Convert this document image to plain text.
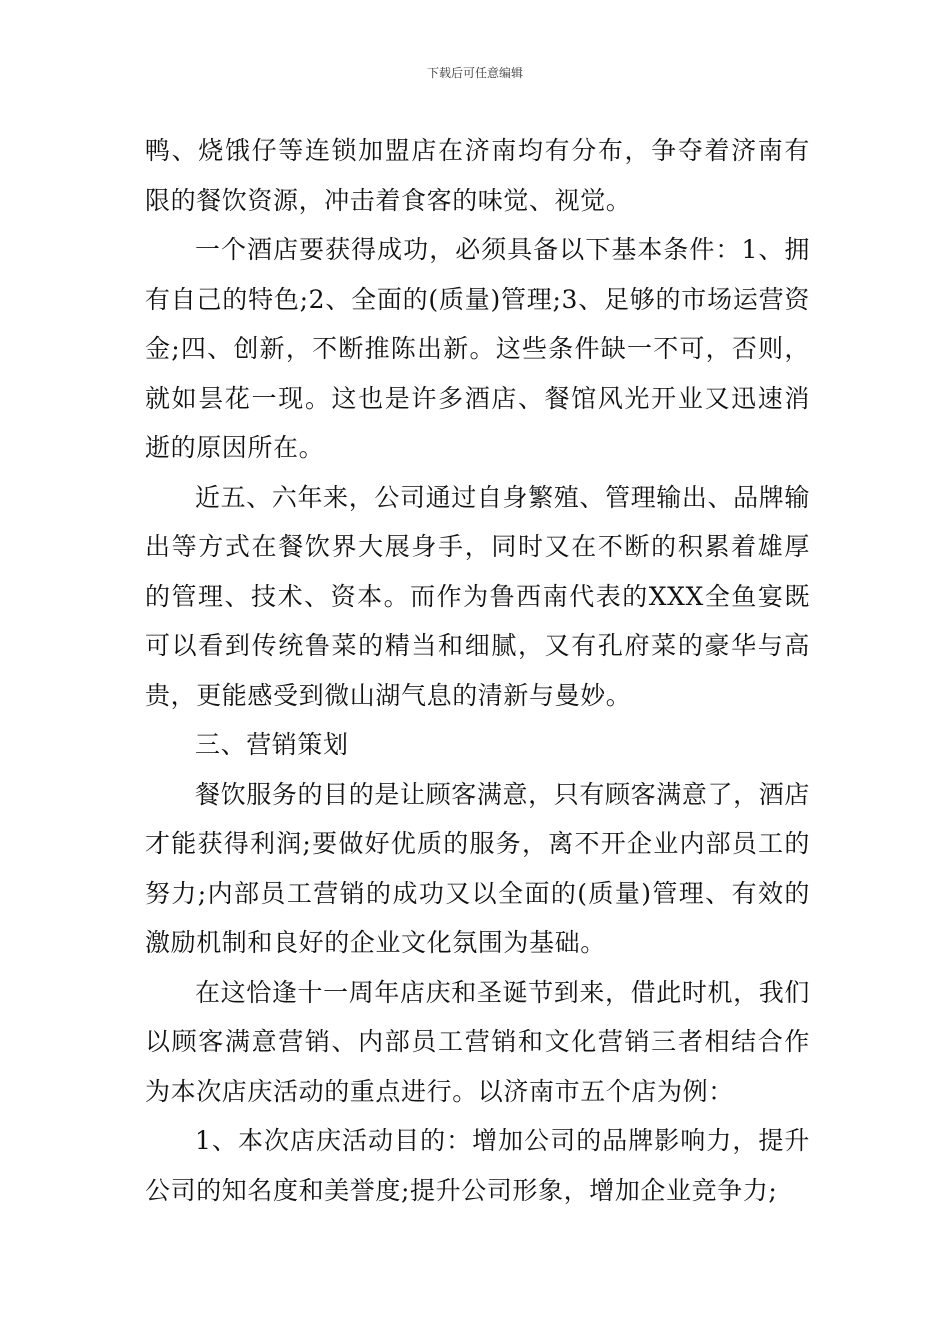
下载后可任意编辑

鸭、烧饿仔等连锁加盟店在济南均有分布，争夺着济南有限的餐饮资源，冲击着食客的味觉、视觉。

一个酒店要获得成功，必须具备以下基本条件：1、拥有自己的特色;2、全面的(质量)管理;3、足够的市场运营资金;四、创新，不断推陈出新。这些条件缺一不可，否则，就如昙花一现。这也是许多酒店、餐馆风光开业又迅速消逝的原因所在。

近五、六年来，公司通过自身繁殖、管理输出、品牌输出等方式在餐饮界大展身手，同时又在不断的积累着雄厚的管理、技术、资本。而作为鲁西南代表的XXX全鱼宴既可以看到传统鲁菜的精当和细腻，又有孔府菜的豪华与高贵，更能感受到微山湖气息的清新与曼妙。

三、营销策划

餐饮服务的目的是让顾客满意，只有顾客满意了，酒店才能获得利润;要做好优质的服务，离不开企业内部员工的努力;内部员工营销的成功又以全面的(质量)管理、有效的激励机制和良好的企业文化氛围为基础。

在这恰逢十一周年店庆和圣诞节到来，借此时机，我们以顾客满意营销、内部员工营销和文化营销三者相结合作为本次店庆活动的重点进行。以济南市五个店为例：

1、本次店庆活动目的：增加公司的品牌影响力，提升公司的知名度和美誉度;提升公司形象，增加企业竞争力;
